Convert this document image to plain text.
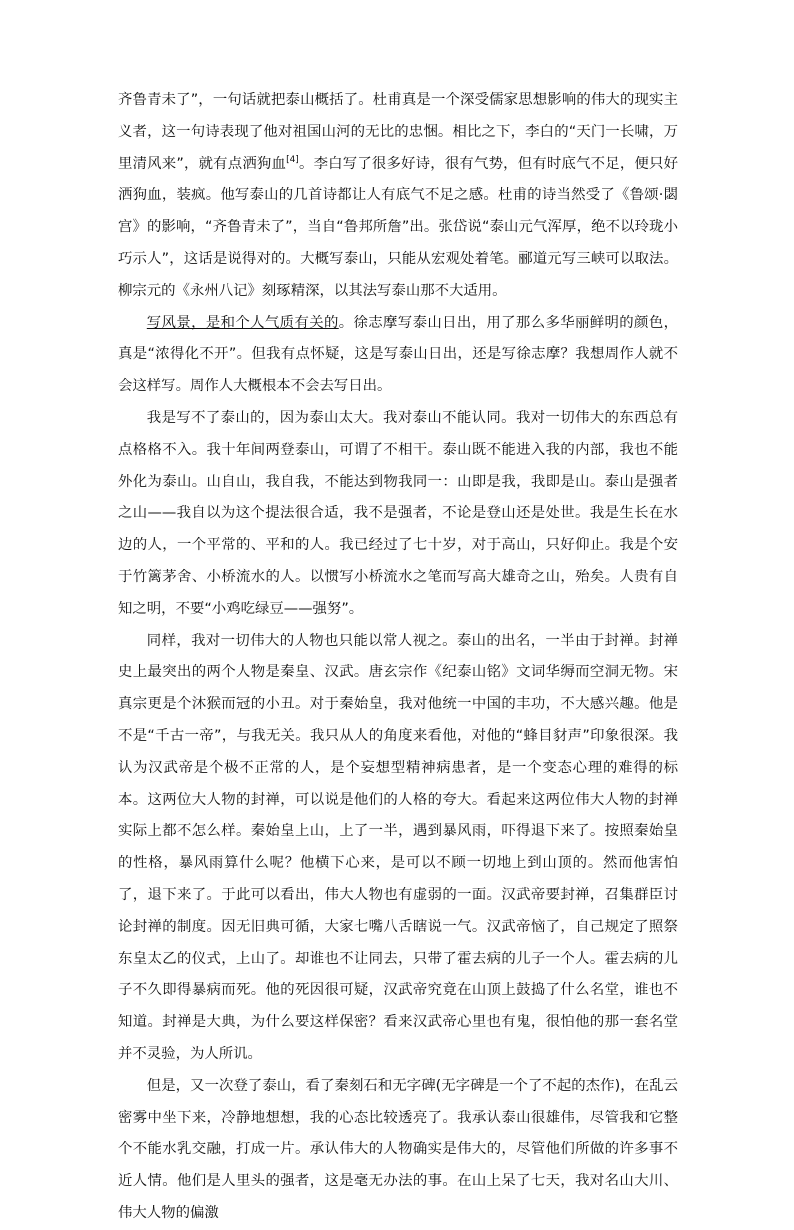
齐鲁青未了”，一句话就把泰山概括了。杜甫真是一个深受儒家思想影响的伟大的现实主义者，这一句诗表现了他对祖国山河的无比的忠悃。相比之下，李白的“天门一长啸，万里清风来”，就有点洒狗血[4]。李白写了很多好诗，很有气势，但有时底气不足，便只好洒狗血，装疯。他写泰山的几首诗都让人有底气不足之感。杜甫的诗当然受了《鲁颂·閟宫》的影响，“齐鲁青未了”，当自“鲁邦所詹”出。张岱说“泰山元气浑厚，绝不以玲珑小巧示人”，这话是说得对的。大概写泰山，只能从宏观处着笔。郦道元写三峡可以取法。柳宗元的《永州八记》刻琢精深，以其法写泰山那不大适用。

写风景，是和个人气质有关的。徐志摩写泰山日出，用了那么多华丽鲜明的颜色，真是“浓得化不开”。但我有点怀疑，这是写泰山日出，还是写徐志摩？我想周作人就不会这样写。周作人大概根本不会去写日出。

我是写不了泰山的，因为泰山太大。我对泰山不能认同。我对一切伟大的东西总有点格格不入。我十年间两登泰山，可谓了不相干。泰山既不能进入我的内部，我也不能外化为泰山。山自山，我自我，不能达到物我同一：山即是我，我即是山。泰山是强者之山——我自以为这个提法很合适，我不是强者，不论是登山还是处世。我是生长在水边的人，一个平常的、平和的人。我已经过了七十岁，对于高山，只好仰止。我是个安于竹篱茅舍、小桥流水的人。以惯写小桥流水之笔而写高大雄奇之山，殆矣。人贵有自知之明，不要“小鸡吃绿豆——强努”。

同样，我对一切伟大的人物也只能以常人视之。泰山的出名，一半由于封禅。封禅史上最突出的两个人物是秦皇、汉武。唐玄宗作《纪泰山铭》文词华缛而空洞无物。宋真宗更是个沐猴而冠的小丑。对于秦始皇，我对他统一中国的丰功，不大感兴趣。他是不是“千古一帝”，与我无关。我只从人的角度来看他，对他的“蜂目豺声”印象很深。我认为汉武帝是个极不正常的人，是个妄想型精神病患者，是一个变态心理的难得的标本。这两位大人物的封禅，可以说是他们的人格的夸大。看起来这两位伟大人物的封禅实际上都不怎么样。秦始皇上山，上了一半，遇到暴风雨，吓得退下来了。按照秦始皇的性格，暴风雨算什么呢？他横下心来，是可以不顾一切地上到山顶的。然而他害怕了，退下来了。于此可以看出，伟大人物也有虚弱的一面。汉武帝要封禅，召集群臣讨论封禅的制度。因无旧典可循，大家七嘴八舌瞎说一气。汉武帝恼了，自己规定了照祭东皇太乙的仪式，上山了。却谁也不让同去，只带了霍去病的儿子一个人。霍去病的儿子不久即得暴病而死。他的死因很可疑，汉武帝究竟在山顶上鼓捣了什么名堂，谁也不知道。封禅是大典，为什么要这样保密？看来汉武帝心里也有鬼，很怕他的那一套名堂并不灵验，为人所讥。

但是，又一次登了泰山，看了秦刻石和无字碑(无字碑是一个了不起的杰作)，在乱云密雾中坐下来，冷静地想想，我的心态比较透亮了。我承认泰山很雄伟，尽管我和它整个不能水乳交融，打成一片。承认伟大的人物确实是伟大的，尽管他们所做的许多事不近人情。他们是人里头的强者，这是毫无办法的事。在山上呆了七天，我对名山大川、伟大人物的偏激
